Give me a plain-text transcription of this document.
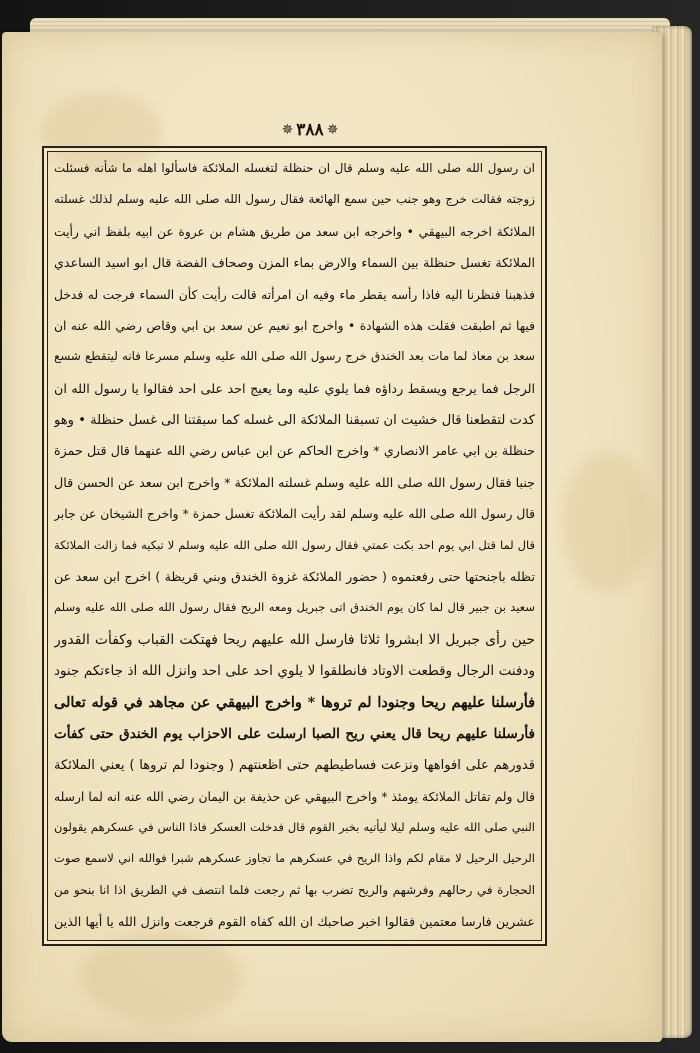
✵ ٣٨٨ ✵
ان رسول الله صلى الله عليه وسلم قال ان حنظلة لتغسله الملائكة فاسألوا اهله ما شأنه فسئلت
زوجته فقالت خرج وهو جنب حين سمع الهائعة فقال رسول الله صلى الله عليه وسلم لذلك غسلته
الملائكة اخرجه البيهقي • واخرجه ابن سعد من طريق هشام بن عروة عن ابيه بلفظ اني رأيت
الملائكة تغسل حنظلة بين السماء والارض بماء المزن وصحاف الفضة قال ابو اسيد الساعدي
فذهبنا فنظرنا اليه فاذا رأسه يقطر ماء وفيه ان امرأته قالت رأيت كأن السماء فرجت له فدخل
فيها ثم اطبقت فقلت هذه الشهادة • واخرج ابو نعيم عن سعد بن ابي وقاص رضي الله عنه ان
سعد بن معاذ لما مات بعد الخندق خرج رسول الله صلى الله عليه وسلم مسرعا فانه ليتقطع شسع
الرجل فما يرجع ويسقط رداؤه فما يلوي عليه وما يعيج احد على احد فقالوا يا رسول الله ان
كدت لتقطعنا قال خشيت ان تسبقنا الملائكة الى غسله كما سبقتنا الى غسل حنظلة • وهو
حنظلة بن ابي عامر الانصاري * واخرج الحاكم عن ابن عباس رضي الله عنهما قال قتل حمزة
جنبا فقال رسول الله صلى الله عليه وسلم غسلته الملائكة * واخرج ابن سعد عن الحسن قال
قال رسول الله صلى الله عليه وسلم لقد رأيت الملائكة تغسل حمزة * واخرج الشيخان عن جابر
قال لما قتل ابي يوم احد بكت عمتي فقال رسول الله صلى الله عليه وسلم لا تبكيه فما زالت الملائكة
تظله باجنحتها حتى رفعتموه ( حضور الملائكة غزوة الخندق وبني قريظة ) اخرج ابن سعد عن
سعيد بن جبير قال لما كان يوم الخندق اتى جبريل ومعه الريح فقال رسول الله صلى الله عليه وسلم
حين رأى جبريل الا ابشروا ثلاثا فارسل الله عليهم ريحا فهتكت القباب وكفأت القدور
ودفنت الرجال وقطعت الاوتاد فانطلقوا لا يلوي احد على احد وانزل الله اذ جاءتكم جنود
فأرسلنا عليهم ريحا وجنودا لم تروها * واخرج البيهقي عن مجاهد في قوله تعالى
فأرسلنا عليهم ريحا قال يعني ريح الصبا ارسلت على الاحزاب يوم الخندق حتى كفأت
قدورهم على افواهها ونزعت فساطيطهم حتى اظعنتهم ( وجنودا لم تروها ) يعني الملائكة
قال ولم تقاتل الملائكة يومئذ * واخرج البيهقي عن حذيفة بن اليمان رضي الله عنه انه لما ارسله
النبي صلى الله عليه وسلم ليلا ليأتيه بخبر القوم قال فدخلت العسكر فاذا الناس في عسكرهم يقولون
الرحيل الرحيل لا مقام لكم واذا الريح في عسكرهم ما تجاوز عسكرهم شبرا فوالله اني لاسمع صوت
الحجارة في رحالهم وفرشهم والريح تضرب بها ثم رجعت فلما انتصف في الطريق اذا انا بنحو من
عشرين فارسا معتمين فقالوا اخبر صاحبك ان الله كفاه القوم فرجعت وانزل الله يا أيها الذين
